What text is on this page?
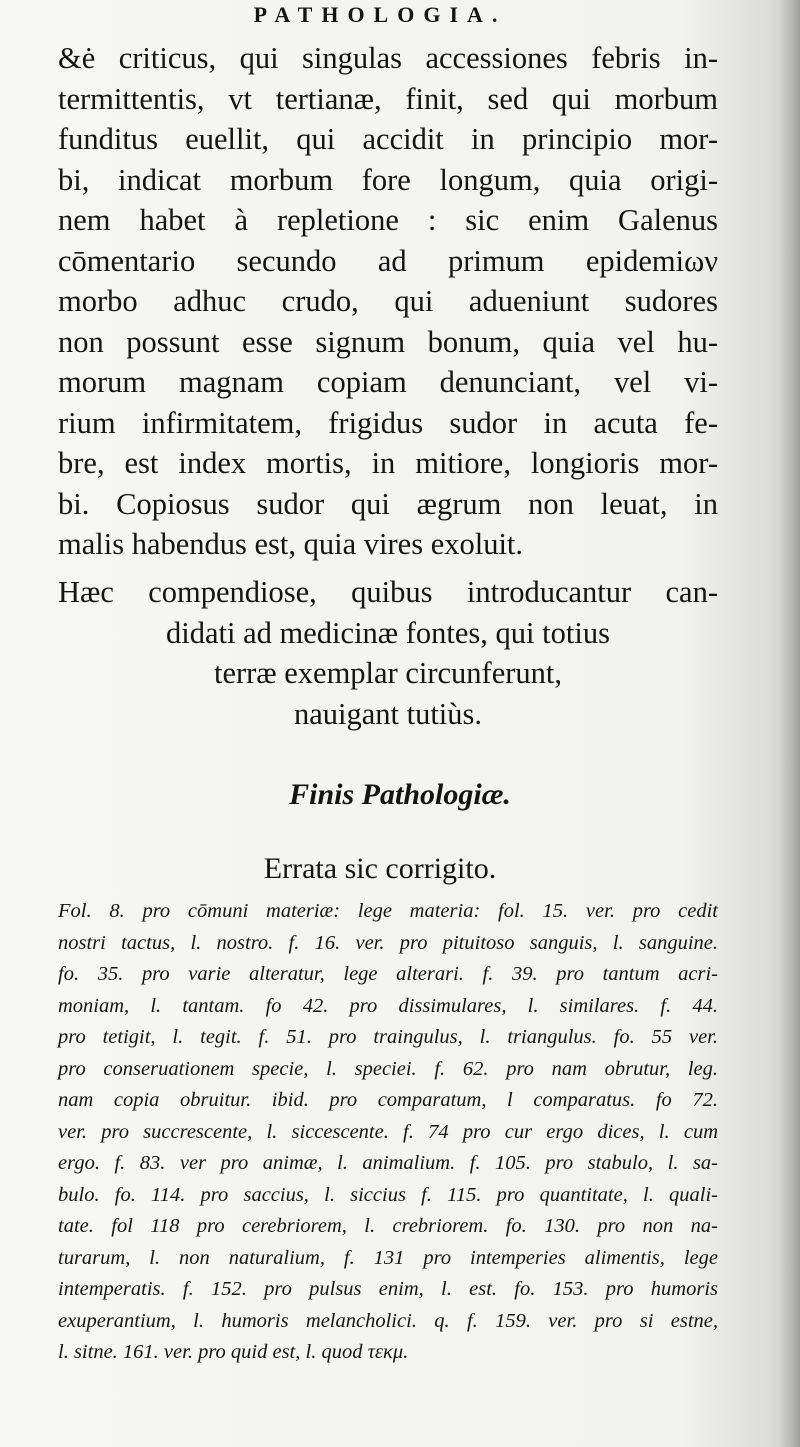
PATHOLOGIA.
&ė criticus, qui singulas accessiones febris in-
termittentis, vt tertianæ, finit, sed qui morbum
funditus euellit, qui accidit in principio mor-
bi, indicat morbum fore longum, quia origi-
nem habet à repletione : sic enim Galenus
cōmentario secundo ad primum epidemiων
morbo adhuc crudo, qui adueniunt sudores
non possunt esse signum bonum, quia vel hu-
morum magnam copiam denunciant, vel vi-
rium infirmitatem, frigidus sudor in acuta fe-
bre, est index mortis, in mitiore, longioris mor-
bi. Copiosus sudor qui ægrum non leuat, in
malis habendus est, quia vires exoluit.
Hæc compendiose, quibus introducantur can-
didati ad medicinæ fontes, qui totius
terræ exemplar circunferunt,
nauigant tutiùs.
Finis Pathologiæ.
Errata sic corrigito.
Fol. 8. pro cōmuni materiæ: lege materia: fol. 15. ver. pro cedit
nostri tactus, l. nostro. f. 16. ver. pro pituitoso sanguis, l. sanguine.
fo. 35. pro varie alteratur, lege alterari. f. 39. pro tantum acri-
moniam, l. tantam. fo 42. pro dissimulares, l. similares. f. 44.
pro tetigit, l. tegit. f. 51. pro traingulus, l. triangulus. fo. 55 ver.
pro conseruationem specie, l. speciei. f. 62. pro nam obrutur, leg.
nam copia obruitur. ibid. pro comparatum, l comparatus. fo 72.
ver. pro succrescente, l. siccescente. f. 74 pro cur ergo dices, l. cum
ergo. f. 83. ver pro animæ, l. animalium. f. 105. pro stabulo, l. sa-
bulo. fo. 114. pro saccius, l. siccius f. 115. pro quantitate, l. quali-
tate. fol 118 pro cerebriorem, l. crebriorem. fo. 130. pro non na-
turarum, l. non naturalium, f. 131 pro intemperies alimentis, lege
intemperatis. f. 152. pro pulsus enim, l. est. fo. 153. pro humoris
exuperantium, l. humoris melancholici. q. f. 159. ver. pro si estne,
l. sitne. 161. ver. pro quid est, l. quod τεκμ.
